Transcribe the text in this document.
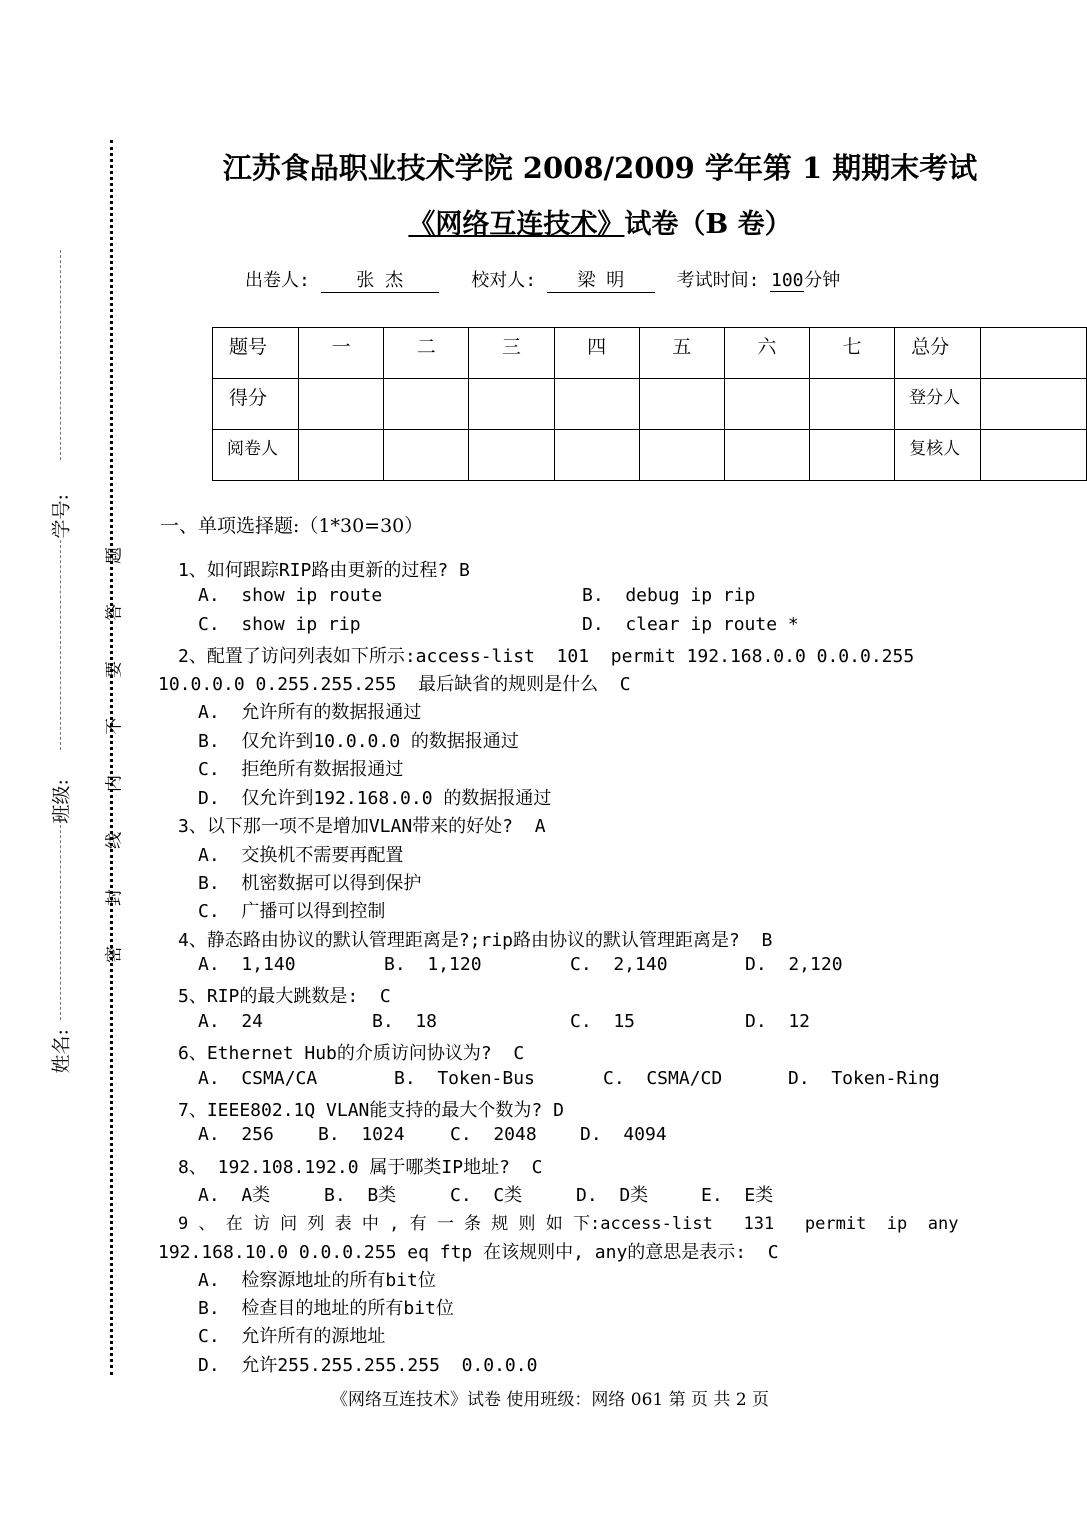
学号:
班级:
姓名:
密
封
线
内
不
要
答
题
江苏食品职业技术学院 2008/2009 学年第 1 期期末考试
《网络互连技术》试卷（B 卷）
出卷人:	张 杰	校对人: 梁 明	考试时间: 100分钟
题号	一	二	三	四	五	六	七	总分	
得分								登分人	
阅卷人								复核人	
一、单项选择题:（1*30=30）
1、如何跟踪RIP路由更新的过程? B
A.  show ip route	B.  debug ip rip
C.  show ip rip	D.  clear ip route *
2、配置了访问列表如下所示:access-list  101  permit 192.168.0.0 0.0.0.255
10.0.0.0 0.255.255.255  最后缺省的规则是什么  C
A.  允许所有的数据报通过
B.  仅允许到10.0.0.0 的数据报通过
C.  拒绝所有数据报通过
D.  仅允许到192.168.0.0 的数据报通过
3、以下那一项不是增加VLAN带来的好处?  A
A.  交换机不需要再配置
B.  机密数据可以得到保护
C.  广播可以得到控制
4、静态路由协议的默认管理距离是?;rip路由协议的默认管理距离是?  B
A.  1,140	B.  1,120	C.  2,140	D.  2,120
5、RIP的最大跳数是:  C
A.  24	B.  18	C.  15	D.  12
6、Ethernet Hub的介质访问协议为?  C
A.  CSMA/CA	B.  Token-Bus	C.  CSMA/CD	D.  Token-Ring
7、IEEE802.1Q VLAN能支持的最大个数为? D
A.  256 B.  1024	C.  2048 D.  4094
8、 192.108.192.0 属于哪类IP地址?  C
A.  A类	B.  B类	C.  C类	D.  D类	E.  E类
9 、 在 访 问 列 表 中 , 有 一 条 规 则 如 下:access-list   131   permit  ip  any
192.168.10.0 0.0.0.255 eq ftp 在该规则中, any的意思是表示:  C
A.  检察源地址的所有bit位
B.  检查目的地址的所有bit位
C.  允许所有的源地址
D.  允许255.255.255.255  0.0.0.0
《网络互连技术》试卷 使用班级：网络 061 第 页 共 2 页
